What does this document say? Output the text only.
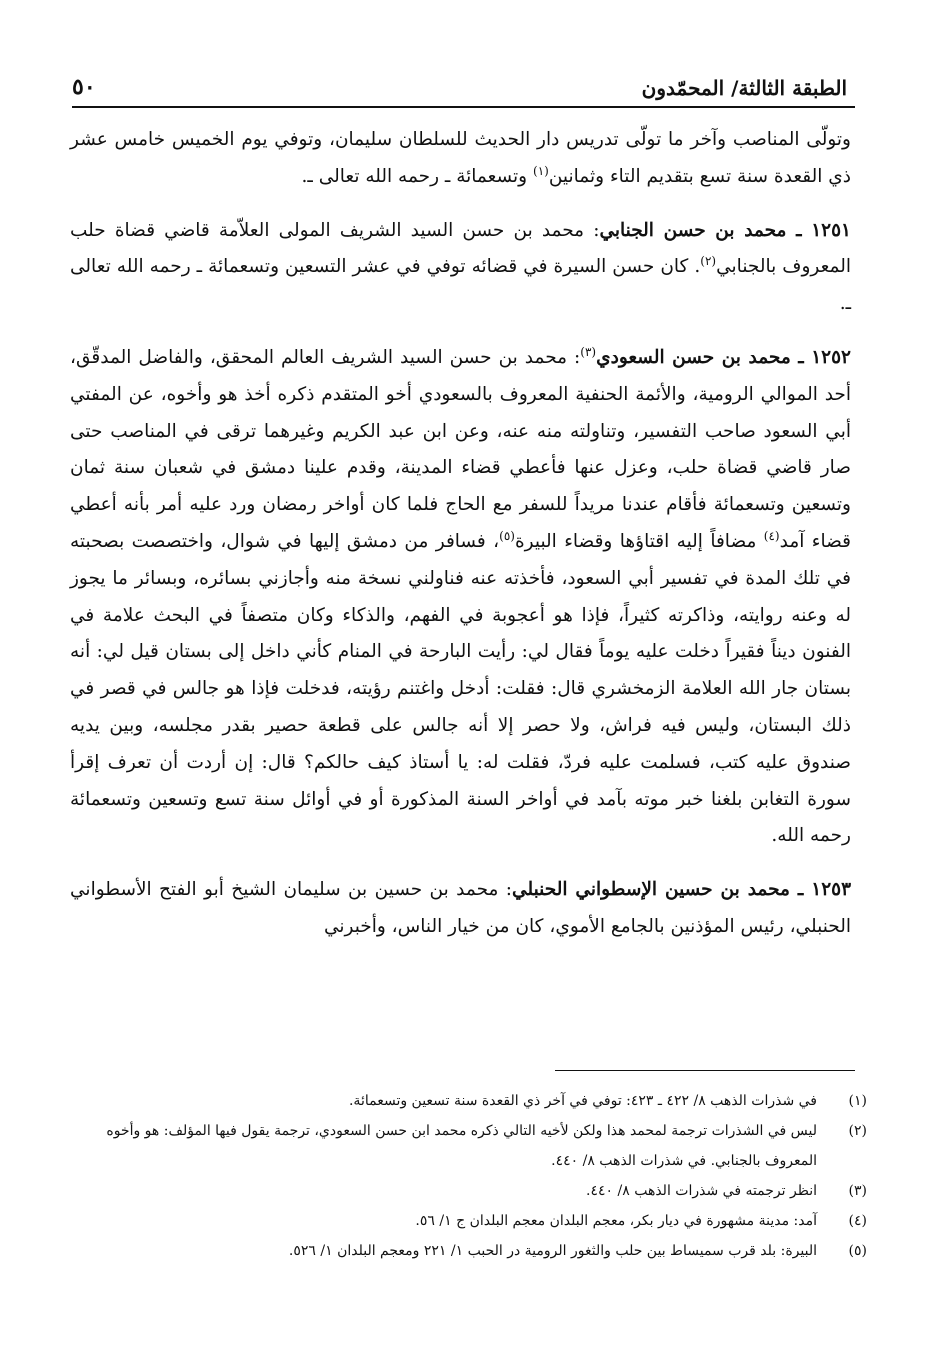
الطبقة الثالثة/ المحمّدون
٥٠

وتولّى المناصب وآخر ما تولّى تدريس دار الحديث للسلطان سليمان، وتوفي يوم الخميس خامس عشر ذي القعدة سنة تسع بتقديم التاء وثمانين$^{(١)}$ وتسعمائة ـ رحمه الله تعالى ـ.

١٢٥١ ـ محمد بن حسن الجنابي: محمد بن حسن السيد الشريف المولى العلاّمة قاضي قضاة حلب المعروف بالجنابي$^{(٢)}$. كان حسن السيرة في قضائه توفي في عشر التسعين وتسعمائة ـ رحمه الله تعالى ـ.

١٢٥٢ ـ محمد بن حسن السعودي$^{(٣)}$: محمد بن حسن السيد الشريف العالم المحقق، والفاضل المدقّق، أحد الموالي الرومية، والأئمة الحنفية المعروف بالسعودي أخو المتقدم ذكره أخذ هو وأخوه، عن المفتي أبي السعود صاحب التفسير، وتناولته منه عنه، وعن ابن عبد الكريم وغيرهما ترقى في المناصب حتى صار قاضي قضاة حلب، وعزل عنها فأعطي قضاء المدينة، وقدم علينا دمشق في شعبان سنة ثمان وتسعين وتسعمائة فأقام عندنا مريداً للسفر مع الحاج فلما كان أواخر رمضان ورد عليه أمر بأنه أعطي قضاء آمد$^{(٤)}$ مضافاً إليه اقتاؤها وقضاء البيرة$^{(٥)}$، فسافر من دمشق إليها في شوال، واختصصت بصحبته في تلك المدة في تفسير أبي السعود، فأخذته عنه فناولني نسخة منه وأجازني بسائره، وبسائر ما يجوز له وعنه روايته، وذاكرته كثيراً، فإذا هو أعجوبة في الفهم، والذكاء وكان متصفاً في البحث علامة في الفنون ديناً فقيراً دخلت عليه يوماً فقال لي: رأيت البارحة في المنام كأني داخل إلى بستان قيل لي: أنه بستان جار الله العلامة الزمخشري قال: فقلت: أدخل واغتنم رؤيته، فدخلت فإذا هو جالس في قصر في ذلك البستان، وليس فيه فراش، ولا حصر إلا أنه جالس على قطعة حصير بقدر مجلسه، وبين يديه صندوق عليه كتب، فسلمت عليه فردّ، فقلت له: يا أستاذ كيف حالكم؟ قال: إن أردت أن تعرف إقرأ سورة التغابن بلغنا خبر موته بآمد في أواخر السنة المذكورة أو في أوائل سنة تسع وتسعين وتسعمائة رحمه الله.

١٢٥٣ ـ محمد بن حسين الإسطواني الحنبلي: محمد بن حسين بن سليمان الشيخ أبو الفتح الأسطواني الحنبلي، رئيس المؤذنين بالجامع الأموي، كان من خيار الناس، وأخبرني

(١)
في شذرات الذهب ٨/ ٤٢٢ ـ ٤٢٣: توفي في آخر ذي القعدة سنة تسعين وتسعمائة.
(٢)
ليس في الشذرات ترجمة لمحمد هذا ولكن لأخيه التالي ذكره محمد ابن حسن السعودي، ترجمة يقول فيها المؤلف: هو وأخوه المعروف بالجنابي. في شذرات الذهب ٨/ ٤٤٠.
(٣)
انظر ترجمته في شذرات الذهب ٨/ ٤٤٠.
(٤)
آمد: مدينة مشهورة في ديار بكر، معجم البلدان معجم البلدان ج ١/ ٥٦.
(٥)
البيرة: بلد قرب سميساط بين حلب والثغور الرومية در الحبب ١/ ٢٢١ ومعجم البلدان ١/ ٥٢٦.
